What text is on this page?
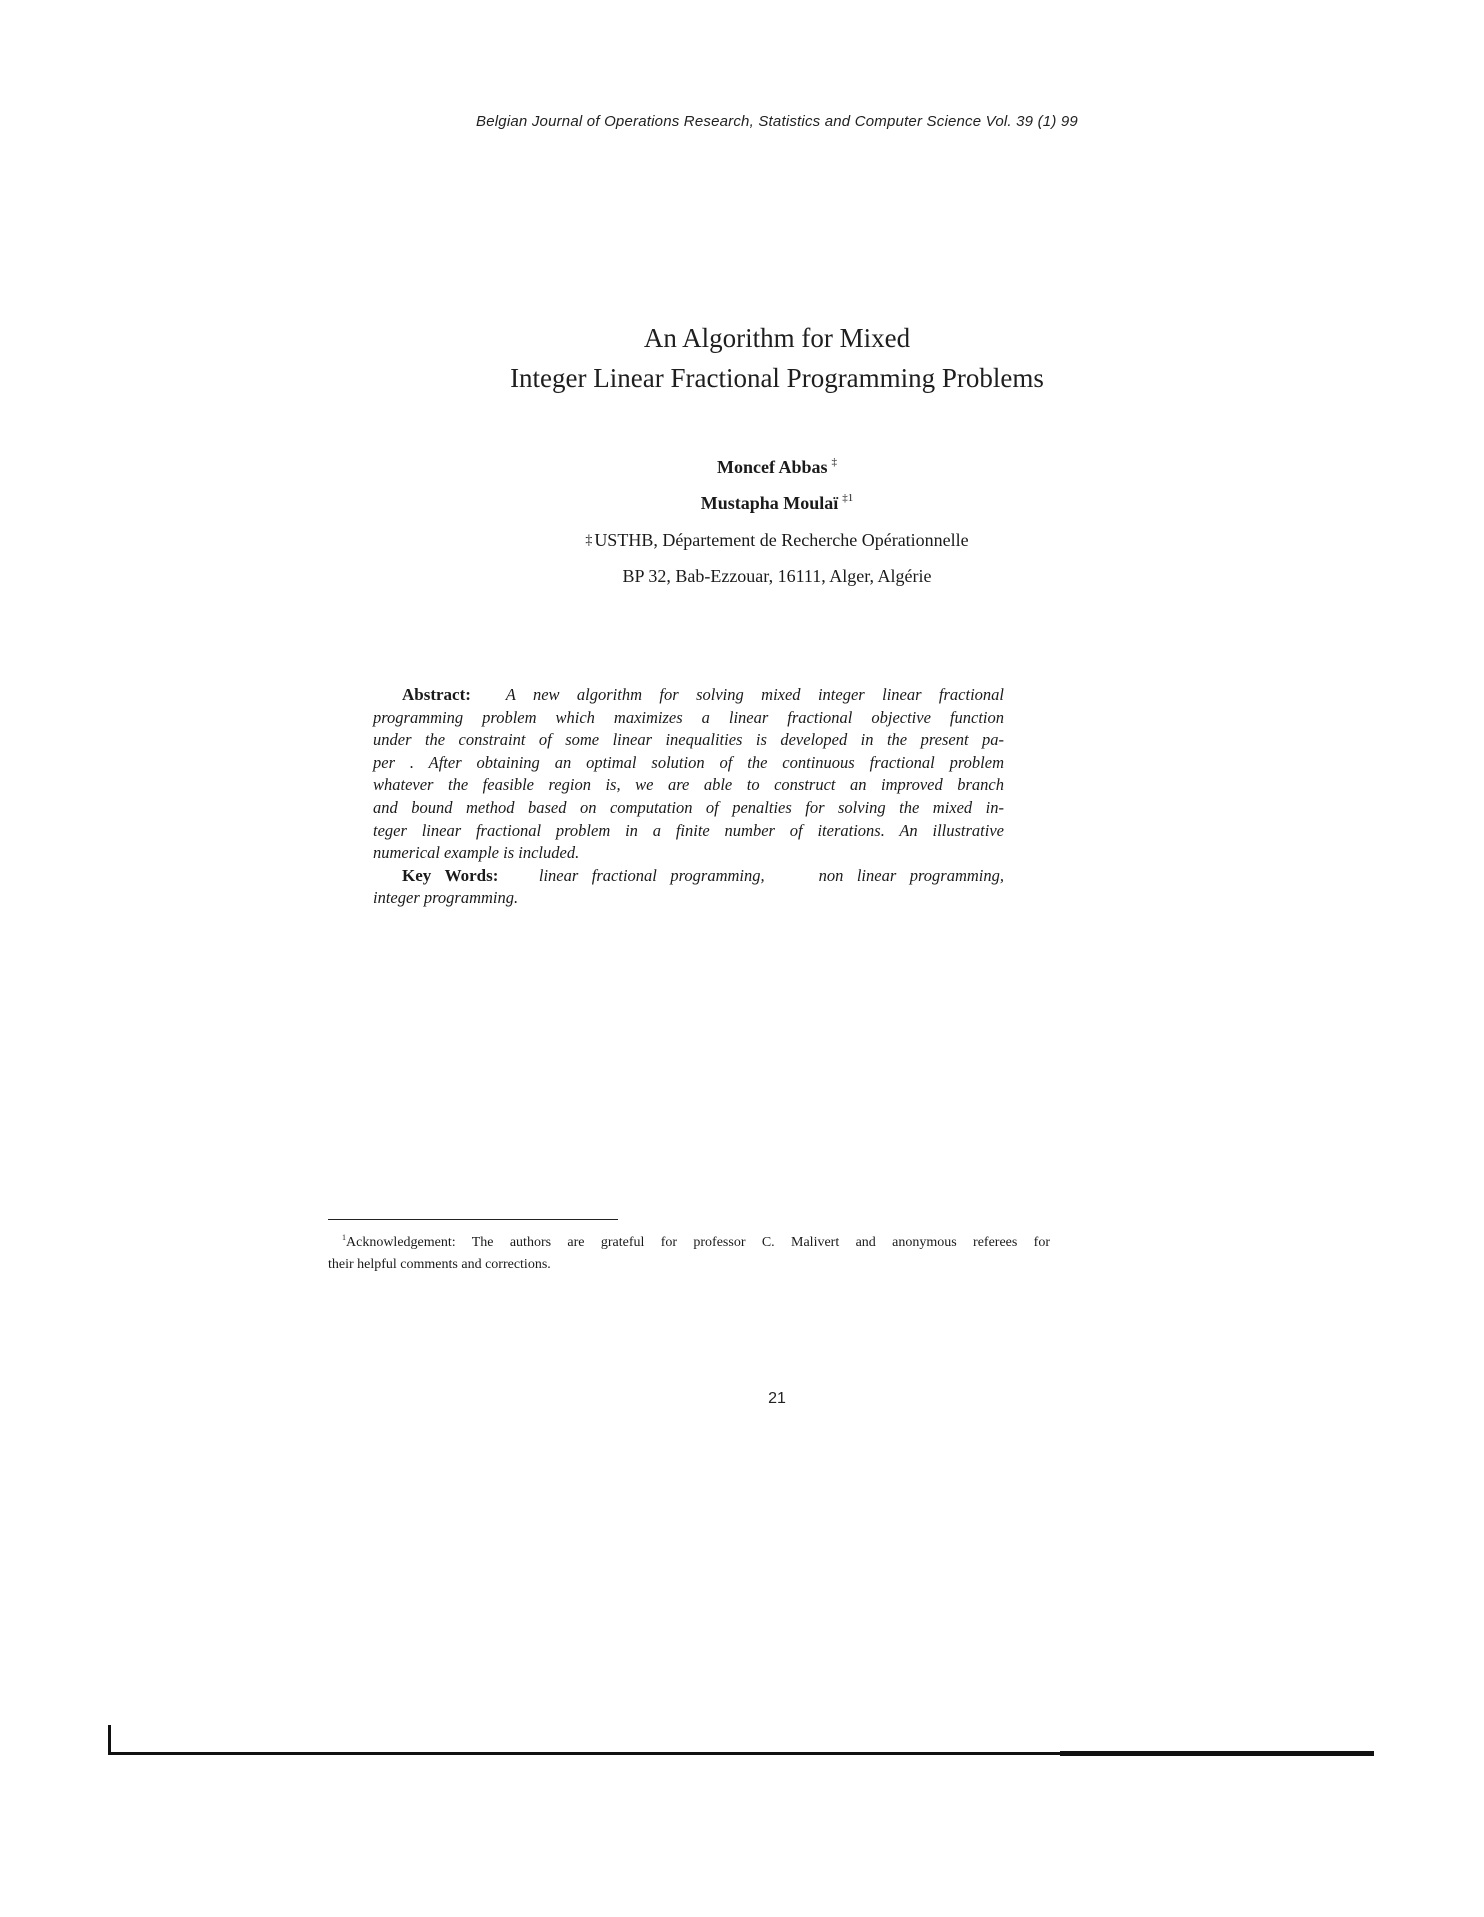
Belgian Journal of Operations Research, Statistics and Computer Science Vol. 39 (1) 99
An Algorithm for Mixed
Integer Linear Fractional Programming Problems
Moncef Abbas ‡
Mustapha Moulaï $^{\ddagger 1}$
‡ USTHB, Département de Recherche Opérationnelle
BP 32, Bab-Ezzouar, 16111, Alger, Algérie
Abstract: A new algorithm for solving mixed integer linear fractional
programming problem which maximizes a linear fractional objective function
under the constraint of some linear inequalities is developed in the present pa-
per . After obtaining an optimal solution of the continuous fractional problem
whatever the feasible region is, we are able to construct an improved branch
and bound method based on computation of penalties for solving the mixed in-
teger linear fractional problem in a finite number of iterations. An illustrative
numerical example is included.
Key Words: linear fractional programming,    non linear programming,
integer programming.
$^1$Acknowledgement: The authors are grateful for professor C. Malivert and anonymous referees for
their helpful comments and corrections.
21
